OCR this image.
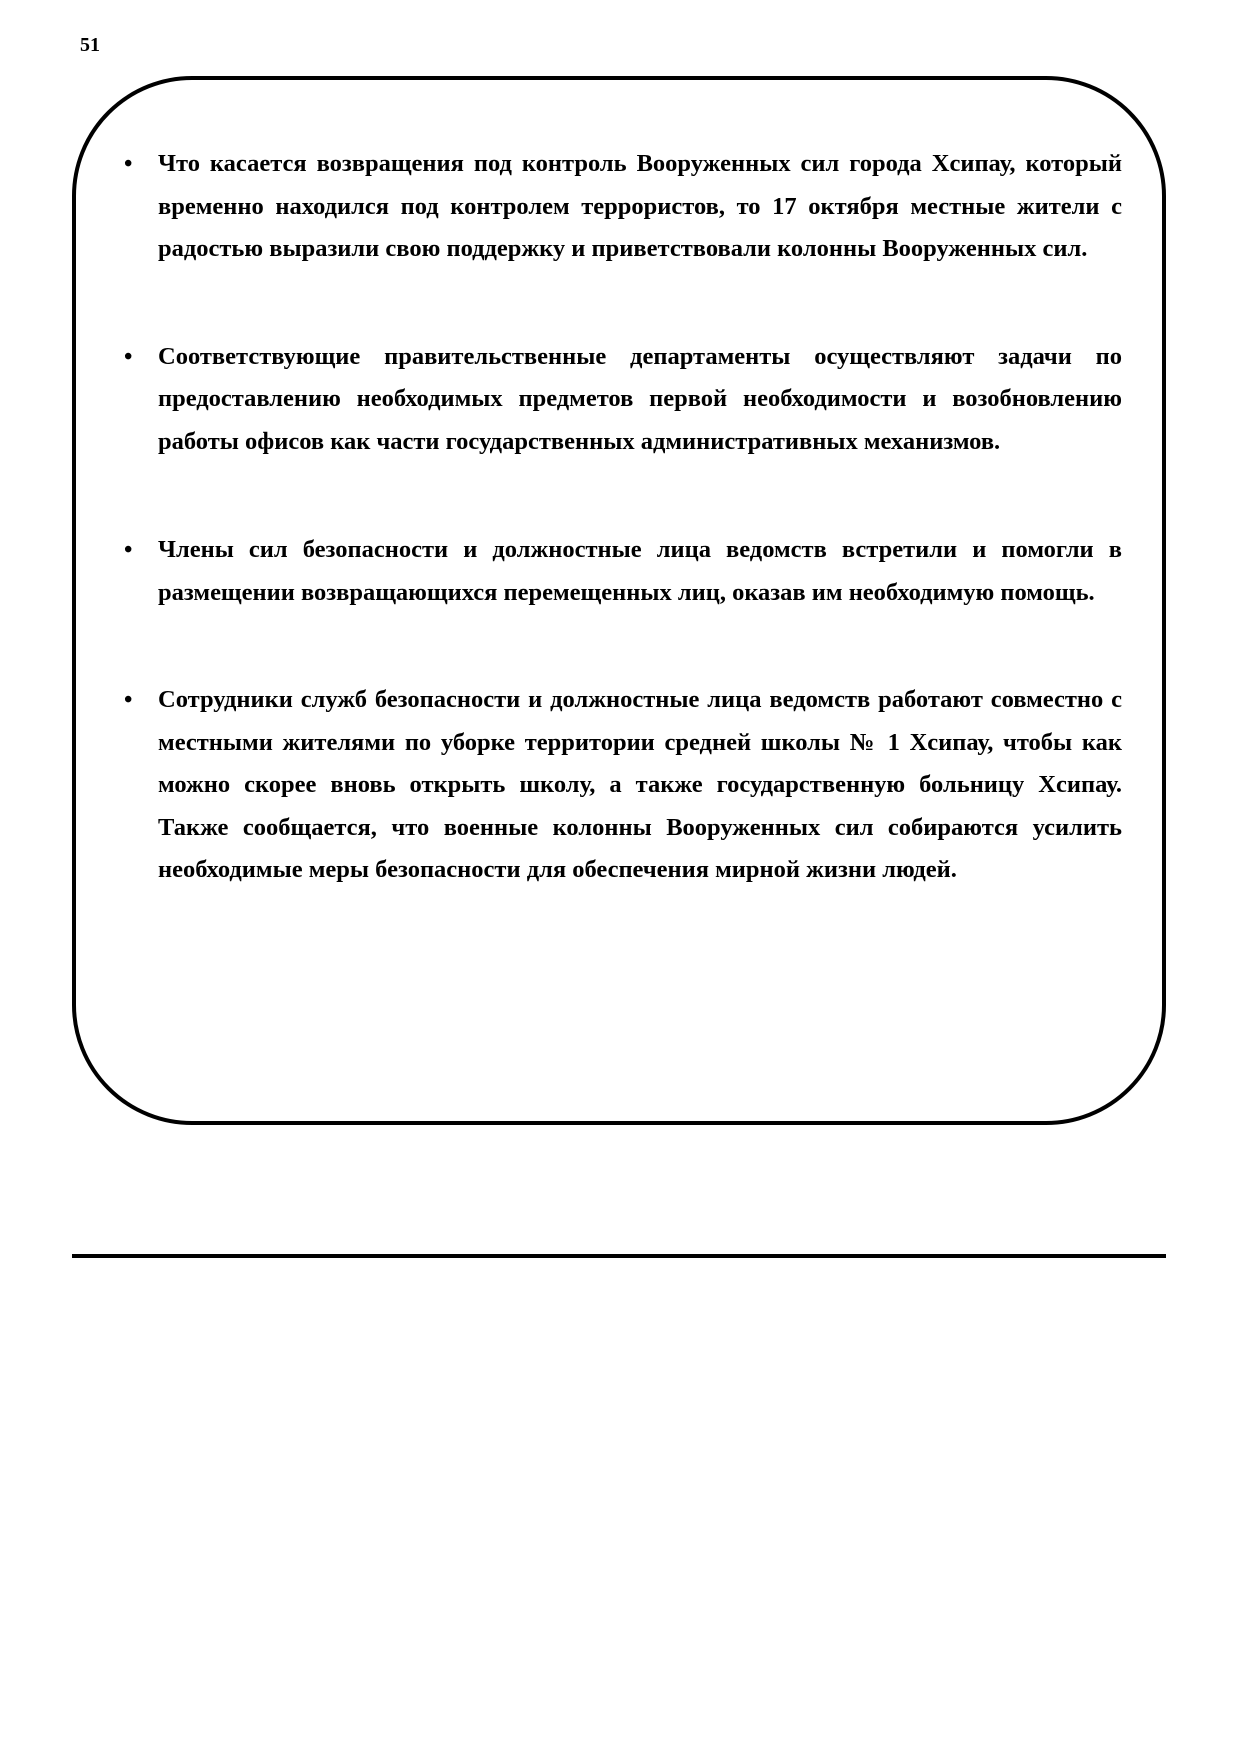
51
• Что касается возвращения под контроль Вооруженных сил города Хсипау, который временно находился под контролем террористов, то 17 октября местные жители с радостью выразили свою поддержку и приветствовали колонны Вооруженных сил.
• Соответствующие правительственные департаменты осуществляют задачи по предоставлению необходимых предметов первой необходимости и возобновлению работы офисов как части государственных административных механизмов.
• Члены сил безопасности и должностные лица ведомств встретили и помогли в размещении возвращающихся перемещенных лиц, оказав им необходимую помощь.
• Сотрудники служб безопасности и должностные лица ведомств работают совместно с местными жителями по уборке территории средней школы № 1 Хсипау, чтобы как можно скорее вновь открыть школу, а также государственную больницу Хсипау. Также сообщается, что военные колонны Вооруженных сил собираются усилить необходимые меры безопасности для обеспечения мирной жизни людей.
